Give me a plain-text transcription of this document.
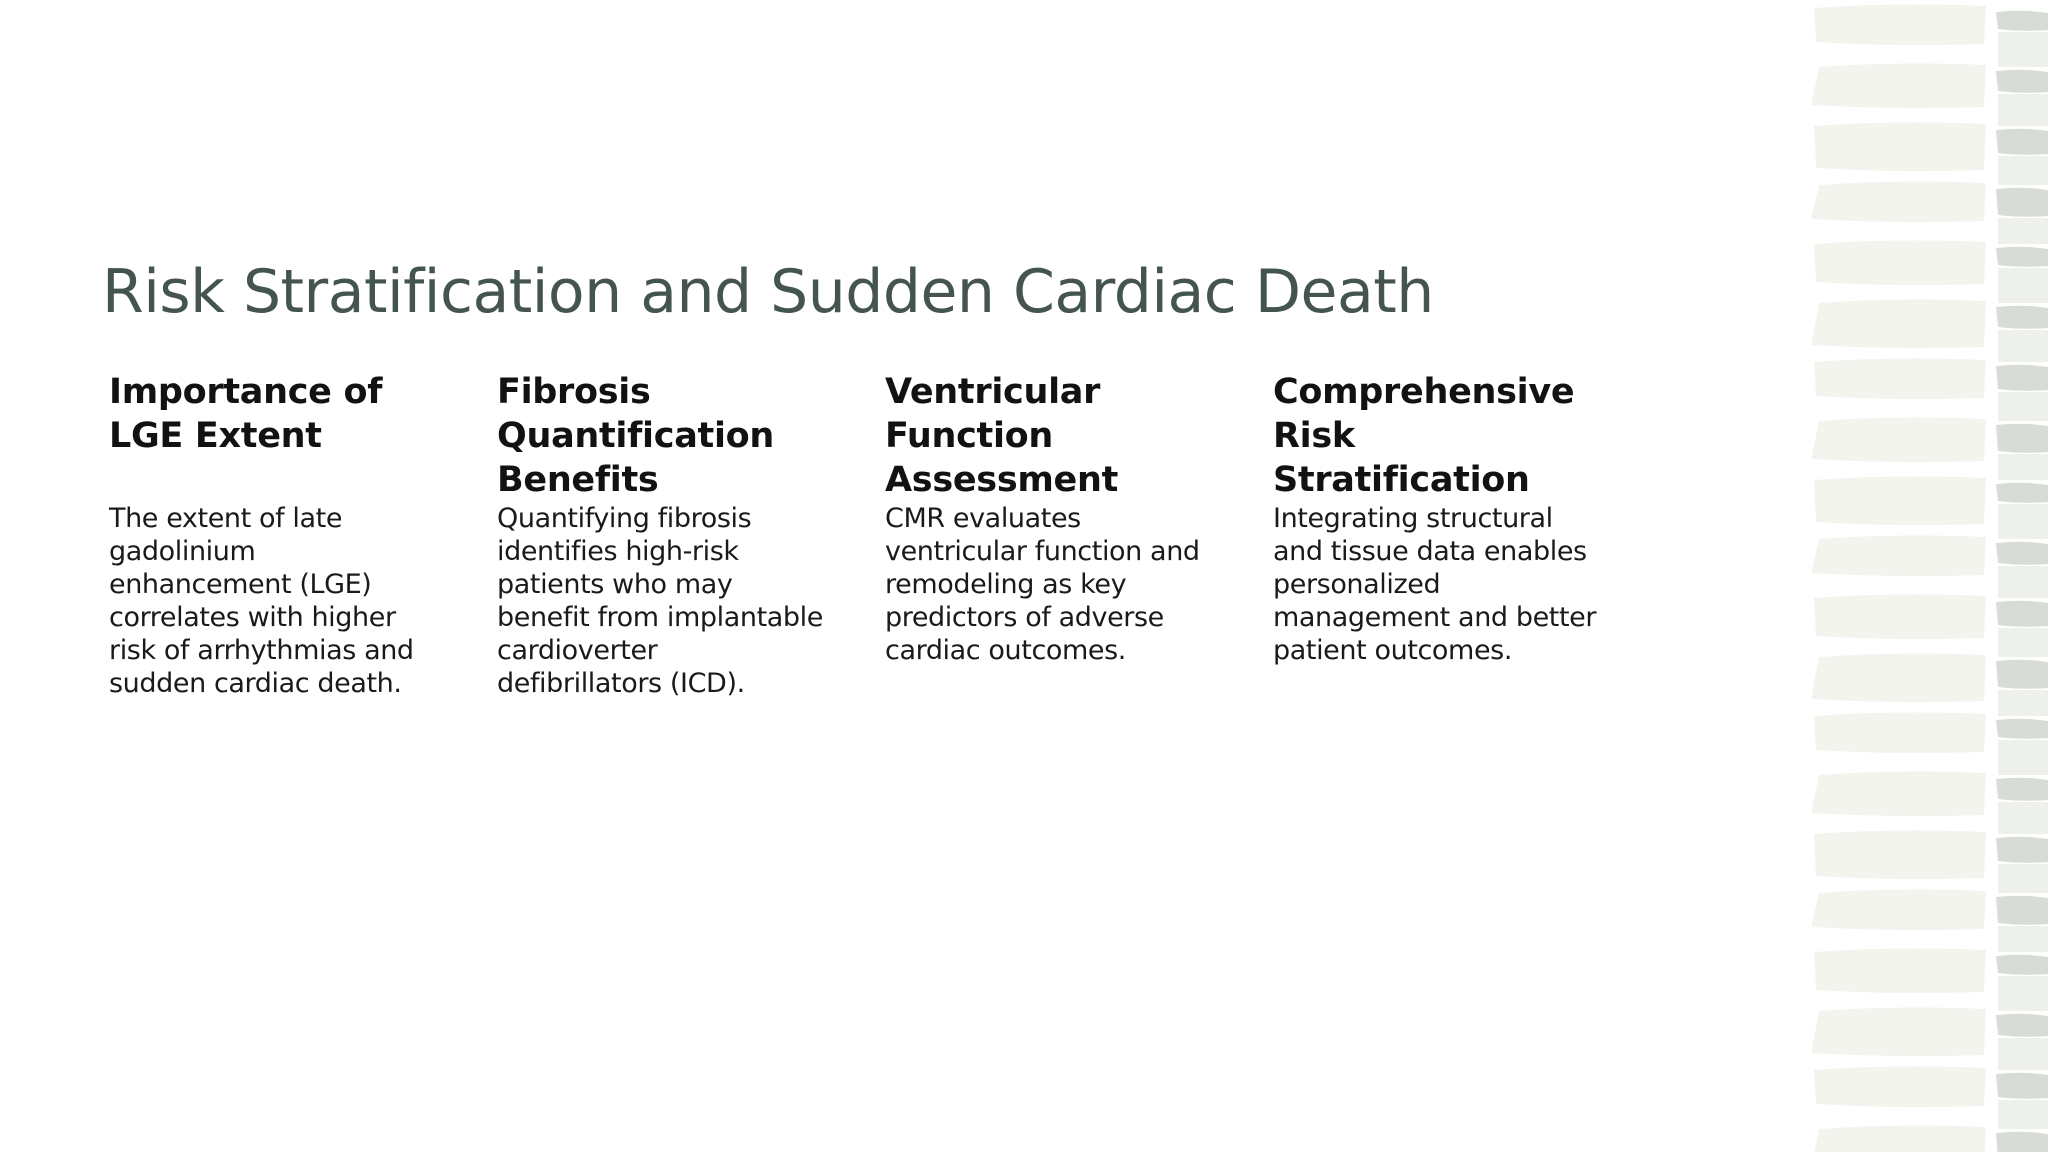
Risk Stratification and Sudden Cardiac Death
Importance of LGE Extent

The extent of late gadolinium enhancement (LGE) correlates with higher risk of arrhythmias and sudden cardiac death.

Fibrosis Quantification Benefits

Quantifying fibrosis identifies high-risk patients who may benefit from implantable cardioverter defibrillators (ICD).

Ventricular Function Assessment

CMR evaluates ventricular function and remodeling as key predictors of adverse cardiac outcomes.

Comprehensive Risk Stratification

Integrating structural and tissue data enables personalized management and better patient outcomes.
